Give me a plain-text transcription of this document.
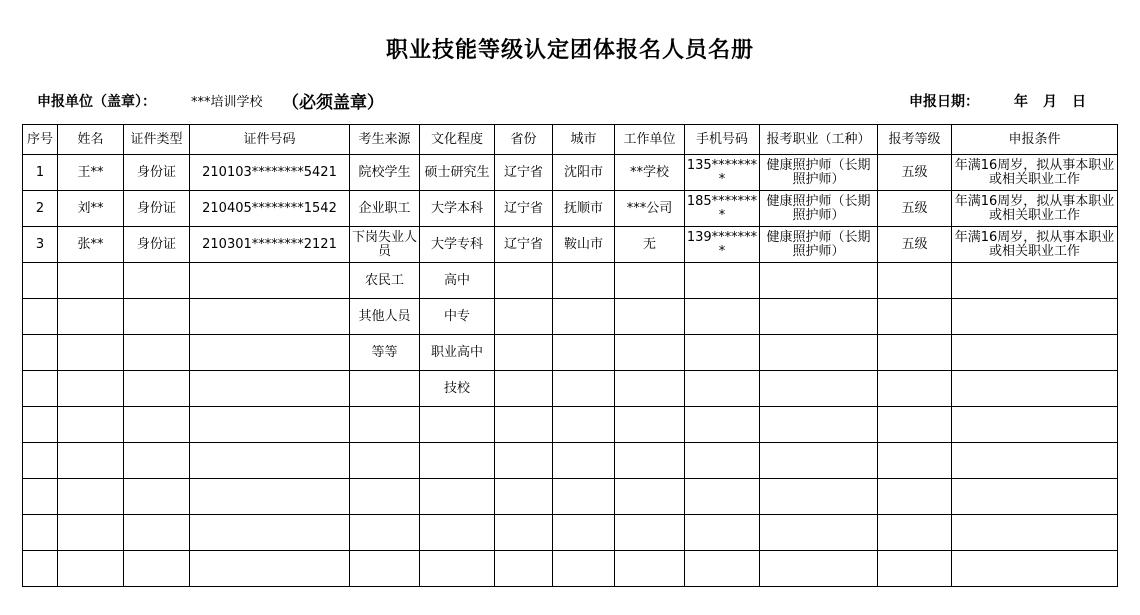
职业技能等级认定团体报名人员名册
申报单位（盖章）：	***培训学校 （必须盖章）	申报日期：	年 月 日
序号	姓名	证件类型	证件号码	考生来源	文化程度	省份	城市	工作单位	手机号码	报考职业（工种）	报考等级	申报条件
1	王**	身份证	210103********5421	院校学生	硕士研究生	辽宁省	沈阳市	**学校	135********	健康照护师（长期照护师）	五级	年满16周岁，拟从事本职业或相关职业工作
2	刘**	身份证	210405********1542	企业职工	大学本科	辽宁省	抚顺市	***公司	185********	健康照护师（长期照护师）	五级	年满16周岁，拟从事本职业或相关职业工作
3	张**	身份证	210301********2121	下岗失业人员	大学专科	辽宁省	鞍山市	无	139********	健康照护师（长期照护师）	五级	年满16周岁，拟从事本职业或相关职业工作
				农民工	高中							
				其他人员	中专							
				等等	职业高中							
					技校							
